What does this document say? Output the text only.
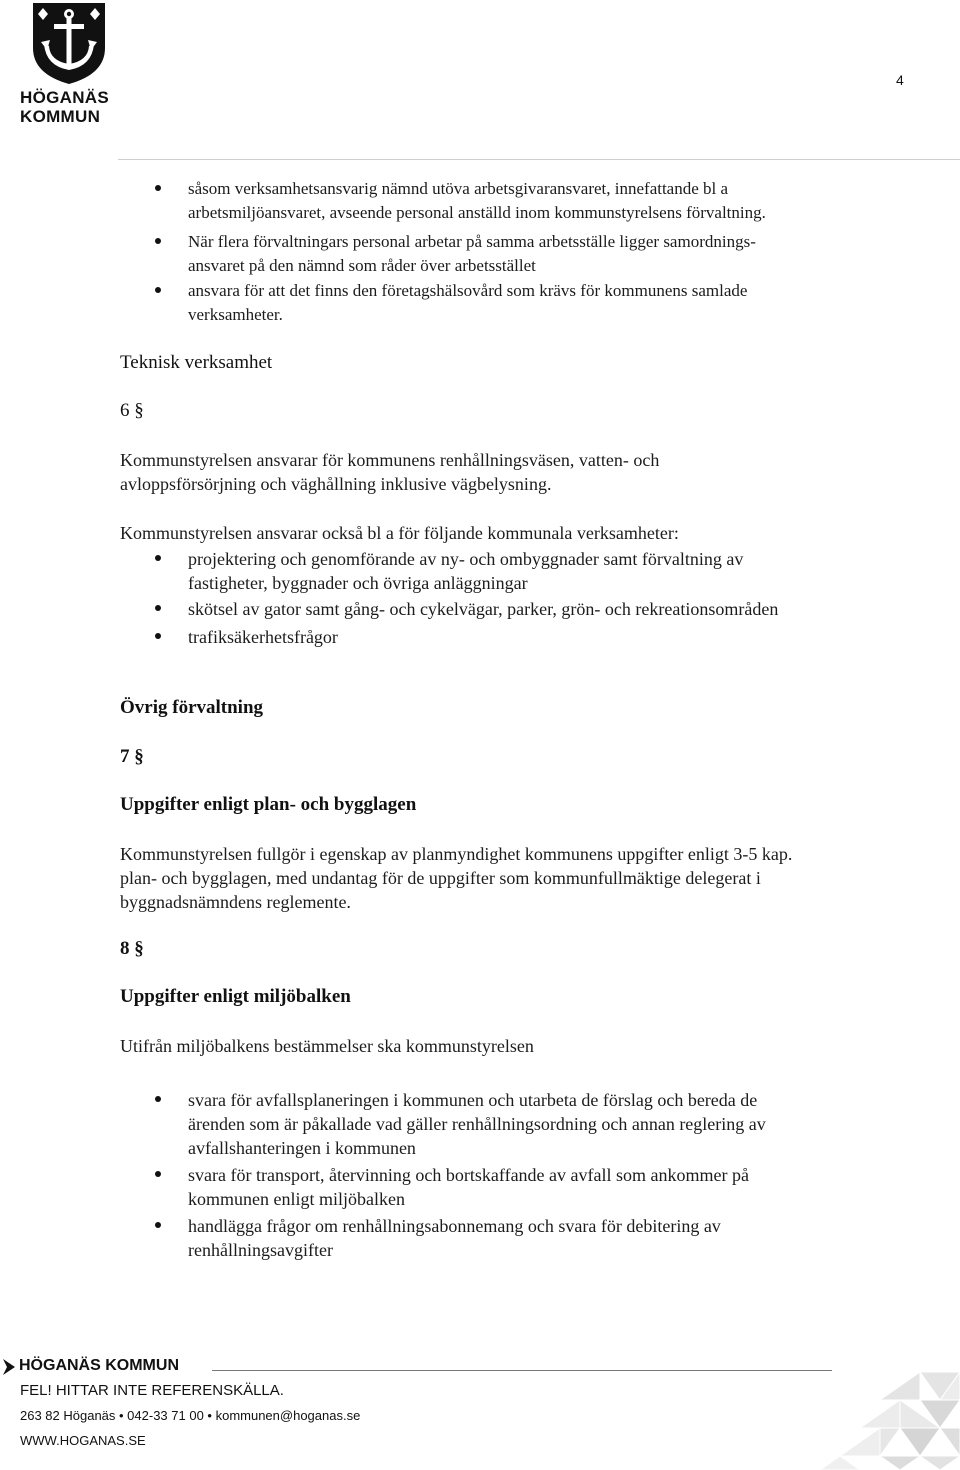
HÖGANÄS
KOMMUN
4
såsom verksamhetsansvarig nämnd utöva arbetsgivaransvaret, innefattande bl a
arbetsmiljöansvaret, avseende personal anställd inom kommunstyrelsens förvaltning.
När flera förvaltningars personal arbetar på samma arbetsställe ligger samordnings-
ansvaret på den nämnd som råder över arbetsstället
ansvara för att det finns den företagshälsovård som krävs för kommunens samlade
verksamheter.
Teknisk verksamhet
6 §
Kommunstyrelsen ansvarar för kommunens renhållningsväsen, vatten- och
avloppsförsörjning och väghållning inklusive vägbelysning.
Kommunstyrelsen ansvarar också bl a för följande kommunala verksamheter:
projektering och genomförande av ny- och ombyggnader samt förvaltning av
fastigheter, byggnader och övriga anläggningar
skötsel av gator samt gång- och cykelvägar, parker, grön- och rekreationsområden
trafiksäkerhetsfrågor
Övrig förvaltning
7 §
Uppgifter enligt plan- och bygglagen
Kommunstyrelsen fullgör i egenskap av planmyndighet kommunens uppgifter enligt 3-5 kap.
plan- och bygglagen, med undantag för de uppgifter som kommunfullmäktige delegerat i
byggnadsnämndens reglemente.
8 §
Uppgifter enligt miljöbalken
Utifrån miljöbalkens bestämmelser ska kommunstyrelsen
svara för avfallsplaneringen i kommunen och utarbeta de förslag och bereda de
ärenden som är påkallade vad gäller renhållningsordning och annan reglering av
avfallshanteringen i kommunen
svara för transport, återvinning och bortskaffande av avfall som ankommer på
kommunen enligt miljöbalken
handlägga frågor om renhållningsabonnemang och svara för debitering av
renhållningsavgifter
HÖGANÄS KOMMUN
FEL! HITTAR INTE REFERENSKÄLLA.
263 82 Höganäs • 042-33 71 00 • kommunen@hoganas.se
WWW.HOGANAS.SE
